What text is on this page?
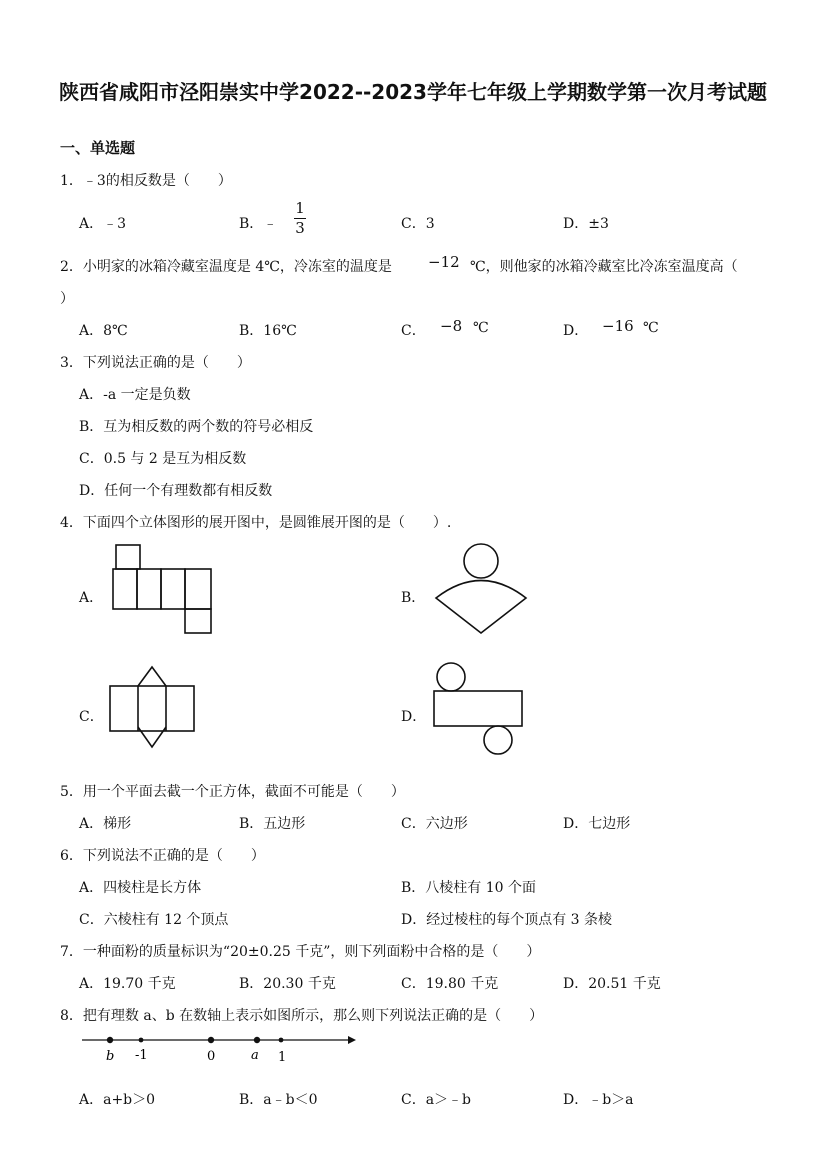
陕西省咸阳市泾阳崇实中学2022--2023学年七年级上学期数学第一次月考试题
一、单选题
1．﹣3的相反数是（　　）
A．﹣3	B．﹣
1
3	C．3	D．±3
2．小明家的冰箱冷藏室温度是 4℃，冷冻室的温度是 −12 ℃，则他家的冰箱冷藏室比冷冻室温度高（
）
A．8℃	B．16℃	C． −8 ℃	D． −16 ℃
3．下列说法正确的是（　　）
A．-a 一定是负数
B．互为相反数的两个数的符号必相反
C．0.5 与 2 是互为相反数
D．任何一个有理数都有相反数
4．下面四个立体图形的展开图中，是圆锥展开图的是（　　）.
A．	B．
C．	D．
5．用一个平面去截一个正方体，截面不可能是（　　）
A．梯形	B．五边形	C．六边形	D．七边形
6．下列说法不正确的是（　　）
A．四棱柱是长方体	B．八棱柱有 10 个面
C．六棱柱有 12 个顶点	D．经过棱柱的每个顶点有 3 条棱
7．一种面粉的质量标识为“20±0.25 千克”，则下列面粉中合格的是（　　）
A．19.70 千克	B．20.30 千克	C．19.80 千克	D．20.51 千克
8．把有理数 a、b 在数轴上表示如图所示，那么则下列说法正确的是（　　）
b -1	0	a 1
A．a+b＞0	B．a﹣b＜0	C．a＞﹣b	D．﹣b＞a
